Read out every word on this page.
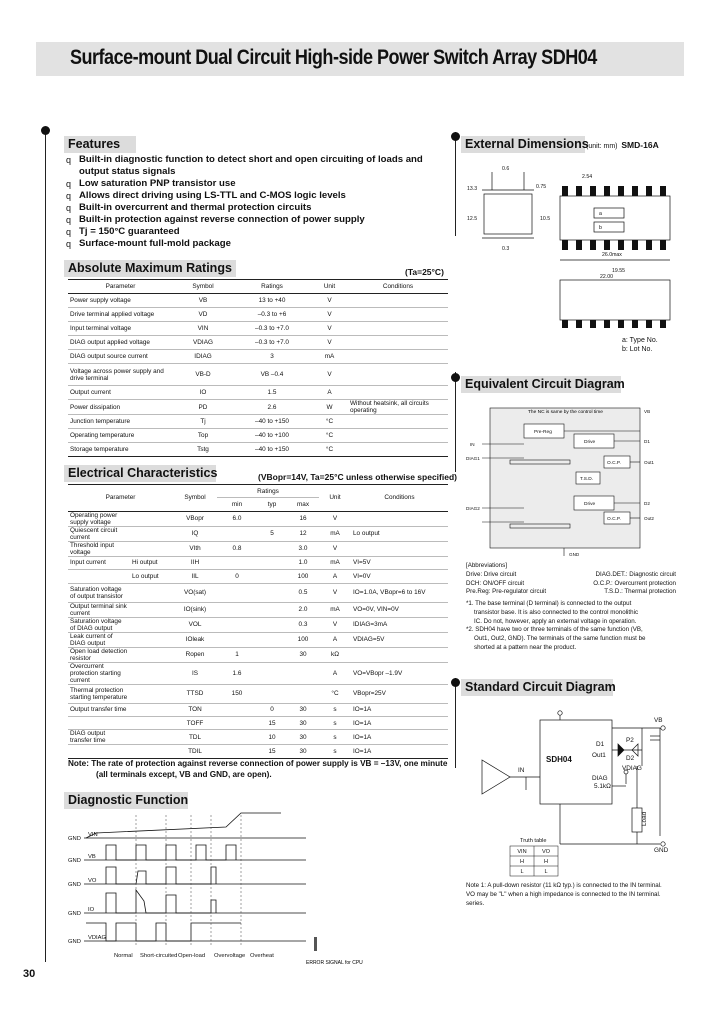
Surface-mount Dual Circuit High-side Power Switch Array SDH04
Features
q Built-in diagnostic function to detect short and open circuiting of loads and
output status signals
q Low saturation PNP transistor use
q Allows direct driving using LS-TTL and C-MOS logic levels
q Built-in overcurrent and thermal protection circuits
q Built-in protection against reverse connection of power supply
q Tj = 150°C guaranteed
q Surface-mount full-mold package
Absolute Maximum Ratings	(Ta=25°C)
Parameter	Symbol	Ratings	Unit	Conditions
Power supply voltage	VB	13 to +40	V	
Drive terminal applied voltage	VD	–0.3 to +6	V	
Input terminal voltage	VIN	–0.3 to +7.0	V	
DIAG output applied voltage	VDIAG	–0.3 to +7.0	V	
DIAG output source current	IDIAG	3	mA	
Voltage across power supply and drive terminal	VB-D	VB –0.4	V	
Output current	IO	1.5	A	
Power dissipation	PD	2.6	W	Without heatsink, all circuits operating
Junction temperature	Tj	–40 to +150	°C	
Operating temperature	Top	–40 to +100	°C	
Storage temperature	Tstg	–40 to +150	°C	
Electrical Characteristics	(VBopr=14V, Ta=25°C unless otherwise specified)
Parameter		Symbol	Ratings			Unit	Conditions
			min	typ	max		
Operating power supply voltage		VBopr	6.0		16	V	
Quiescent circuit current		IQ		5	12	mA	Lo output
Threshold input voltage		VIth	0.8		3.0	V	
Input current	Hi output	IIH			1.0	mA	VI=5V
	Lo output	IIL	0		100	A	VI=0V
Saturation voltage of output transistor		VO(sat)			0.5	V	IO=1.0A, VBopr=6 to 16V
Output terminal sink current		IO(sink)			2.0	mA	VO=0V, VIN=0V
Saturation voltage of DIAG output		VOL			0.3	V	IDIAG=3mA
Leak current of DIAG output		IOleak			100	A	VDIAG=5V
Open load detection resistor		Ropen	1		30	kΩ	
Overcurrent protection starting current		IS	1.6			A	VO=VBopr –1.9V
Thermal protection starting temperature		TTSD	150			°C	VBopr=25V
Output transfer time		TON		0	30	s	IO=1A
		TOFF		15	30	s	IO=1A
DIAG output transfer time		TDL		10	30	s	IO=1A
		TDIL		15	30	s	IO=1A
Note: The rate of protection against reverse connection of power supply is VB = –13V, one minute
(all terminals except, VB and GND, are open).
Diagnostic Function
VIN
VB
VO
IO
VDIAG
GND
GND
GND
GND
GND
Normal Short-circuited Open-load Overvoltage Overheat
ERROR SIGNAL for CPU
External Dimensions
(unit: mm) SMD-16A
19.55
26.0max
2.54
0.75
12.5	10.5
0.6
0.3
22.00
13.3
a
b
a: Type No.
b: Lot No.
Equivalent Circuit Diagram
The NC is same by the control time
Pre-Reg
Drive
Drive
T.S.D.
O.C.P.
O.C.P.
VB
IN
DIAG1
DIAG2
D1
Out1
D2
Out2
GND
[Abbreviations]
Drive: Drive circuit	DIAG.DET.: Diagnostic circuit
DCH: ON/OFF circuit	O.C.P.: Overcurrent protection
Pre.Reg: Pre-regulator circuit	T.S.D.: Thermal protection
*1. The base terminal (D terminal) is connected to the output
transistor base. It is also connected to the control monolithic
IC. Do not, however, apply an external voltage in operation.
*2. SDH04 have two or three terminals of the same function (VB,
Out1, Out2, GND). The terminals of the same function must be
shorted at a pattern near the product.
Standard Circuit Diagram
SDH04
VB
D1
Out1
IN
DIAG
5.1kΩ
Load
GND
P2
D2
VDIAG
Truth table
VIN	VO
H	H
L	L
Note 1: A pull-down resistor (11 kΩ typ.) is connected to the IN terminal.
VO may be "L" when a high impedance is connected to the IN terminal.
series.
30
